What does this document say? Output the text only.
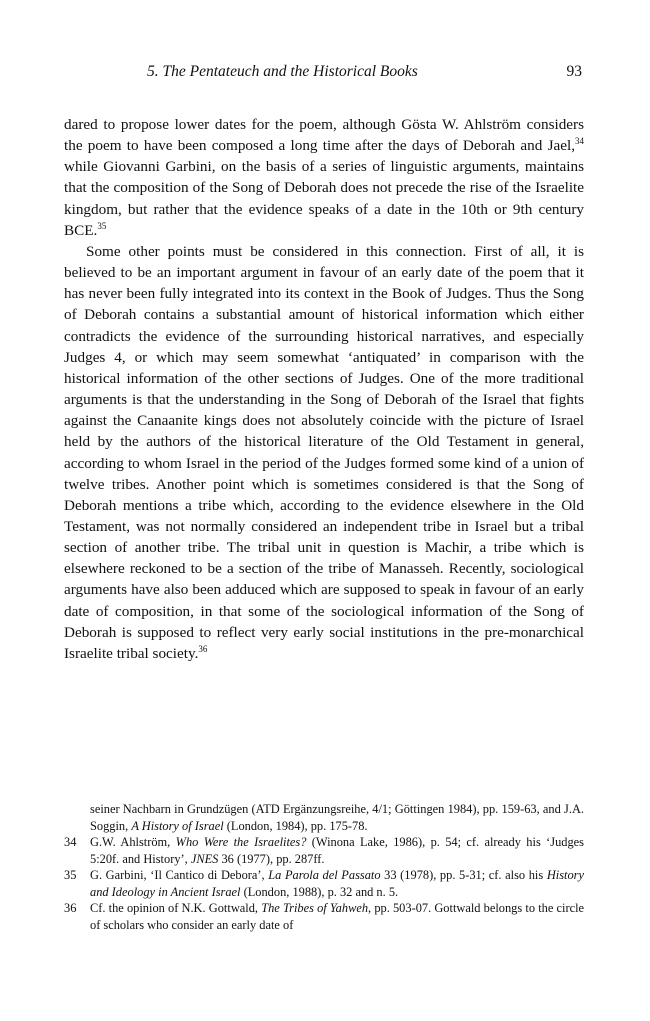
5. The Pentateuch and the Historical Books	93

dared to propose lower dates for the poem, although Gösta W. Ahlström considers the poem to have been composed a long time after the days of Deborah and Jael,$^{34}$ while Giovanni Garbini, on the basis of a series of linguistic arguments, maintains that the composition of the Song of Deborah does not precede the rise of the Israelite kingdom, but rather that the evidence speaks of a date in the 10th or 9th century BCE.$^{35}$

Some other points must be considered in this connection. First of all, it is believed to be an important argument in favour of an early date of the poem that it has never been fully integrated into its context in the Book of Judges. Thus the Song of Deborah contains a substantial amount of historical information which either contradicts the evidence of the surrounding historical narratives, and especially Judges 4, or which may seem somewhat ‘antiquated’ in comparison with the historical information of the other sections of Judges. One of the more traditional arguments is that the understanding in the Song of Deborah of the Israel that fights against the Canaanite kings does not absolutely coincide with the picture of Israel held by the authors of the historical literature of the Old Testament in general, according to whom Israel in the period of the Judges formed some kind of a union of twelve tribes. Another point which is sometimes considered is that the Song of Deborah mentions a tribe which, according to the evidence elsewhere in the Old Testament, was not normally considered an independent tribe in Israel but a tribal section of another tribe. The tribal unit in question is Machir, a tribe which is elsewhere reckoned to be a section of the tribe of Manasseh. Recently, sociological arguments have also been adduced which are supposed to speak in favour of an early date of composition, in that some of the sociological information of the Song of Deborah is supposed to reflect very early social institutions in the pre-monarchical Israelite tribal society.$^{36}$

seiner Nachbarn in Grundzügen (ATD Ergänzungsreihe, 4/1; Göttingen 1984), pp. 159-63, and J.A. Soggin, A History of Israel (London, 1984), pp. 175-78.
34 G.W. Ahlström, Who Were the Israelites? (Winona Lake, 1986), p. 54; cf. already his ‘Judges 5:20f. and History’, JNES 36 (1977), pp. 287ff.
35 G. Garbini, ‘Il Cantico di Debora’, La Parola del Passato 33 (1978), pp. 5-31; cf. also his History and Ideology in Ancient Israel (London, 1988), p. 32 and n. 5.
36 Cf. the opinion of N.K. Gottwald, The Tribes of Yahweh, pp. 503-07. Gottwald belongs to the circle of scholars who consider an early date of
